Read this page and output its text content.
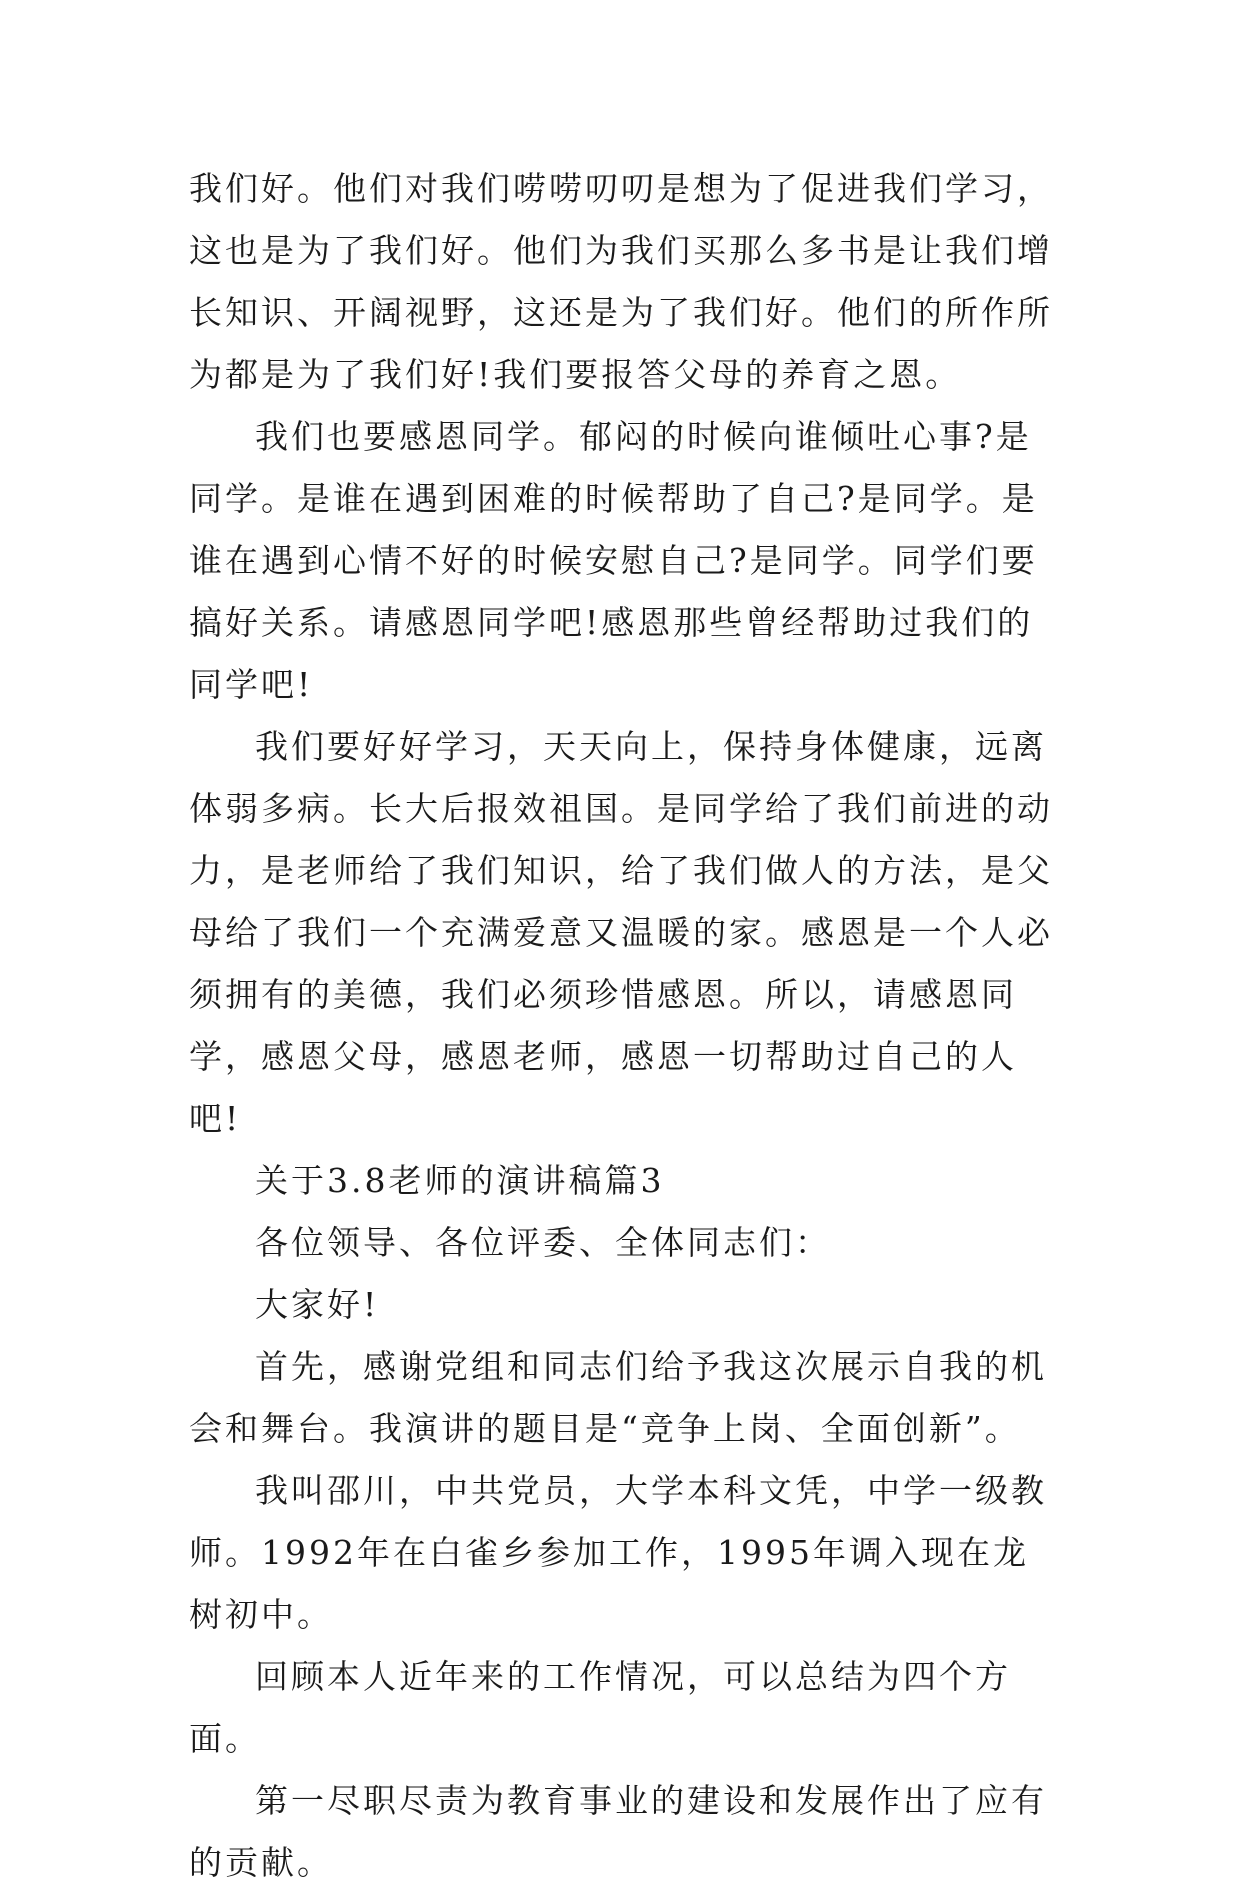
我们好。他们对我们唠唠叨叨是想为了促进我们学习，这也是为了我们好。他们为我们买那么多书是让我们增长知识、开阔视野，这还是为了我们好。他们的所作所为都是为了我们好!我们要报答父母的养育之恩。

我们也要感恩同学。郁闷的时候向谁倾吐心事?是同学。是谁在遇到困难的时候帮助了自己?是同学。是谁在遇到心情不好的时候安慰自己?是同学。同学们要搞好关系。请感恩同学吧!感恩那些曾经帮助过我们的同学吧!

我们要好好学习，天天向上，保持身体健康，远离体弱多病。长大后报效祖国。是同学给了我们前进的动力，是老师给了我们知识，给了我们做人的方法，是父母给了我们一个充满爱意又温暖的家。感恩是一个人必须拥有的美德，我们必须珍惜感恩。所以，请感恩同学，感恩父母，感恩老师，感恩一切帮助过自己的人吧!

关于3.8老师的演讲稿篇3

各位领导、各位评委、全体同志们：

大家好!

首先，感谢党组和同志们给予我这次展示自我的机会和舞台。我演讲的题目是“竞争上岗、全面创新”。

我叫邵川，中共党员，大学本科文凭，中学一级教师。1992年在白雀乡参加工作，1995年调入现在龙树初中。

回顾本人近年来的工作情况，可以总结为四个方面。

第一尽职尽责为教育事业的建设和发展作出了应有的贡献。
